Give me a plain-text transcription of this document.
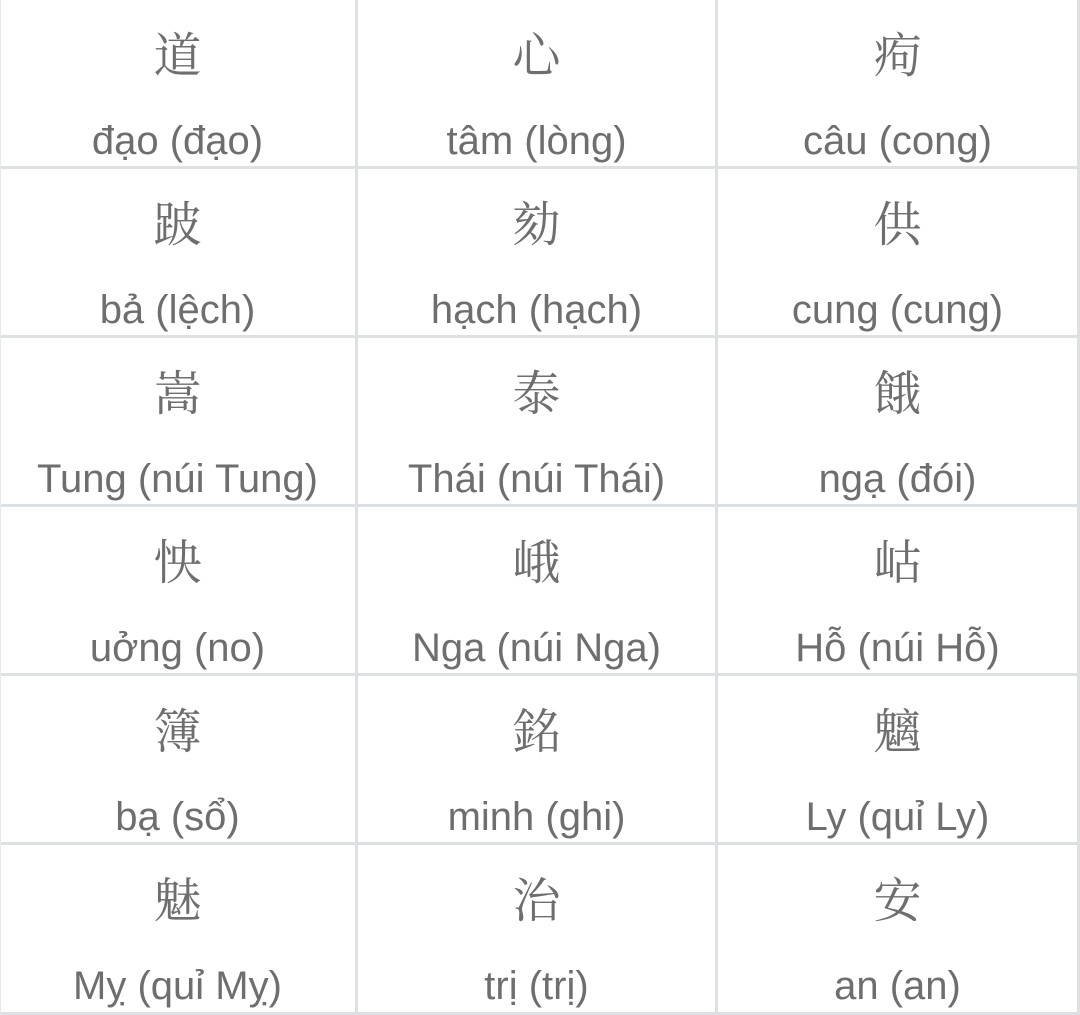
道
đạo (đạo)
心
tâm (lòng)
痀
câu (cong)
跛
bả (lệch)
劾
hạch (hạch)
供
cung (cung)
嵩
Tung (núi Tung)
泰
Thái (núi Thái)
餓
ngạ (đói)
怏
uởng (no)
峨
Nga (núi Nga)
岵
Hỗ (núi Hỗ)
簿
bạ (sổ)
銘
minh (ghi)
魑
Ly (quỉ Ly)
魅
Mỵ (quỉ Mỵ)
治
trị (trị)
安
an (an)
